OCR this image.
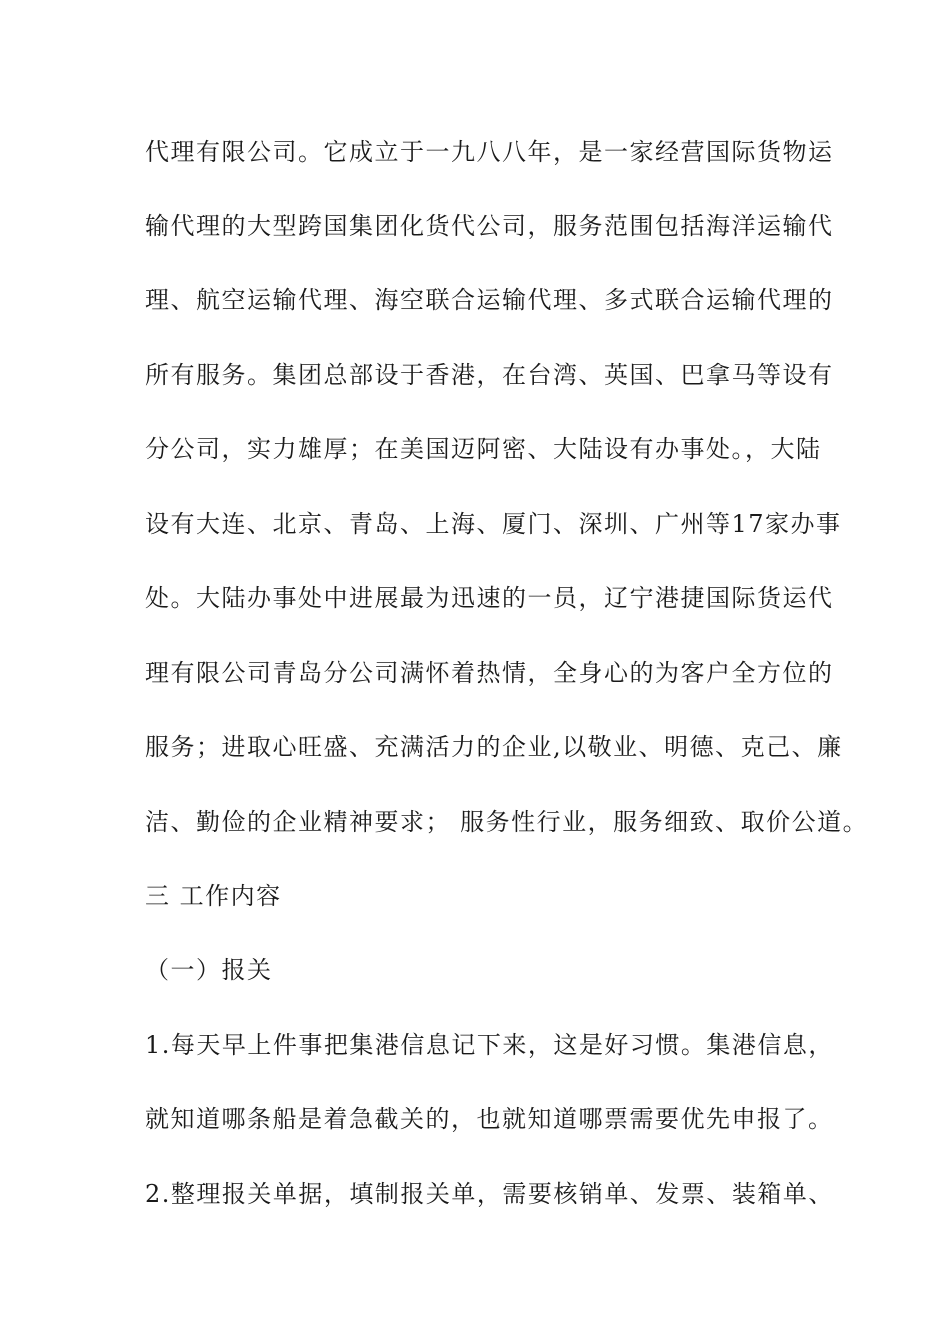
代理有限公司。它成立于一九八八年，是一家经营国际货物运
输代理的大型跨国集团化货代公司，服务范围包括海洋运输代
理、航空运输代理、海空联合运输代理、多式联合运输代理的
所有服务。集团总部设于香港，在台湾、英国、巴拿马等设有
分公司，实力雄厚；在美国迈阿密、大陆设有办事处。，大陆
设有大连、北京、青岛、上海、厦门、深圳、广州等17家办事
处。大陆办事处中进展最为迅速的一员，辽宁港捷国际货运代
理有限公司青岛分公司满怀着热情，全身心的为客户全方位的
服务；进取心旺盛、充满活力的企业,以敬业、明德、克己、廉
洁、勤俭的企业精神要求； 服务性行业，服务细致、取价公道。
三 工作内容
（一）报关
1.每天早上件事把集港信息记下来，这是好习惯。集港信息，
就知道哪条船是着急截关的，也就知道哪票需要优先申报了。
2.整理报关单据，填制报关单，需要核销单、发票、装箱单、
